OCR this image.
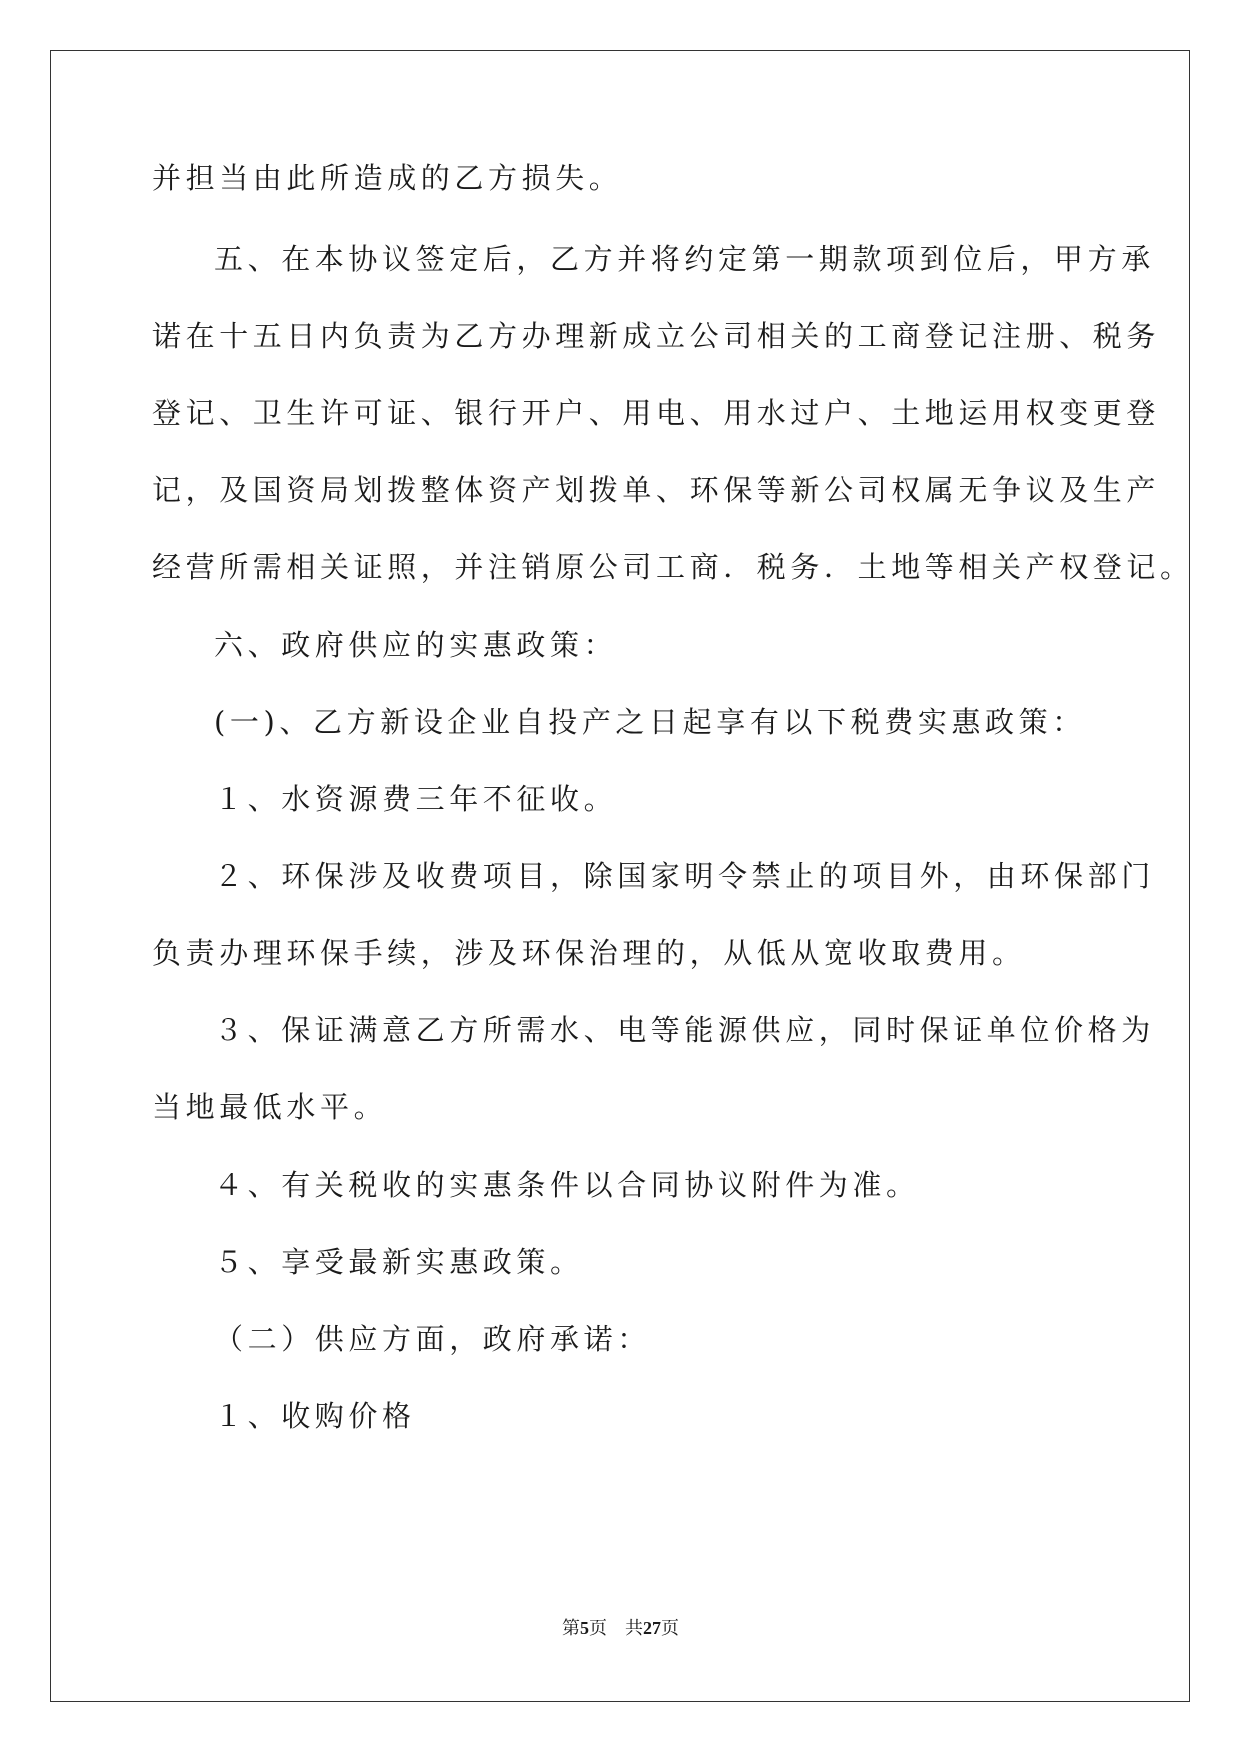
并担当由此所造成的乙方损失。
五、在本协议签定后，乙方并将约定第一期款项到位后，甲方承
诺在十五日内负责为乙方办理新成立公司相关的工商登记注册、税务
登记、卫生许可证、银行开户、用电、用水过户、土地运用权变更登
记，及国资局划拨整体资产划拨单、环保等新公司权属无争议及生产
经营所需相关证照，并注销原公司工商．税务．土地等相关产权登记。
六、政府供应的实惠政策：
(一)、乙方新设企业自投产之日起享有以下税费实惠政策：
１、水资源费三年不征收。
２、环保涉及收费项目，除国家明令禁止的项目外，由环保部门
负责办理环保手续，涉及环保治理的，从低从宽收取费用。
３、保证满意乙方所需水、电等能源供应，同时保证单位价格为
当地最低水平。
４、有关税收的实惠条件以合同协议附件为准。
５、享受最新实惠政策。
（二）供应方面，政府承诺：
１、收购价格
第5页 共27页
